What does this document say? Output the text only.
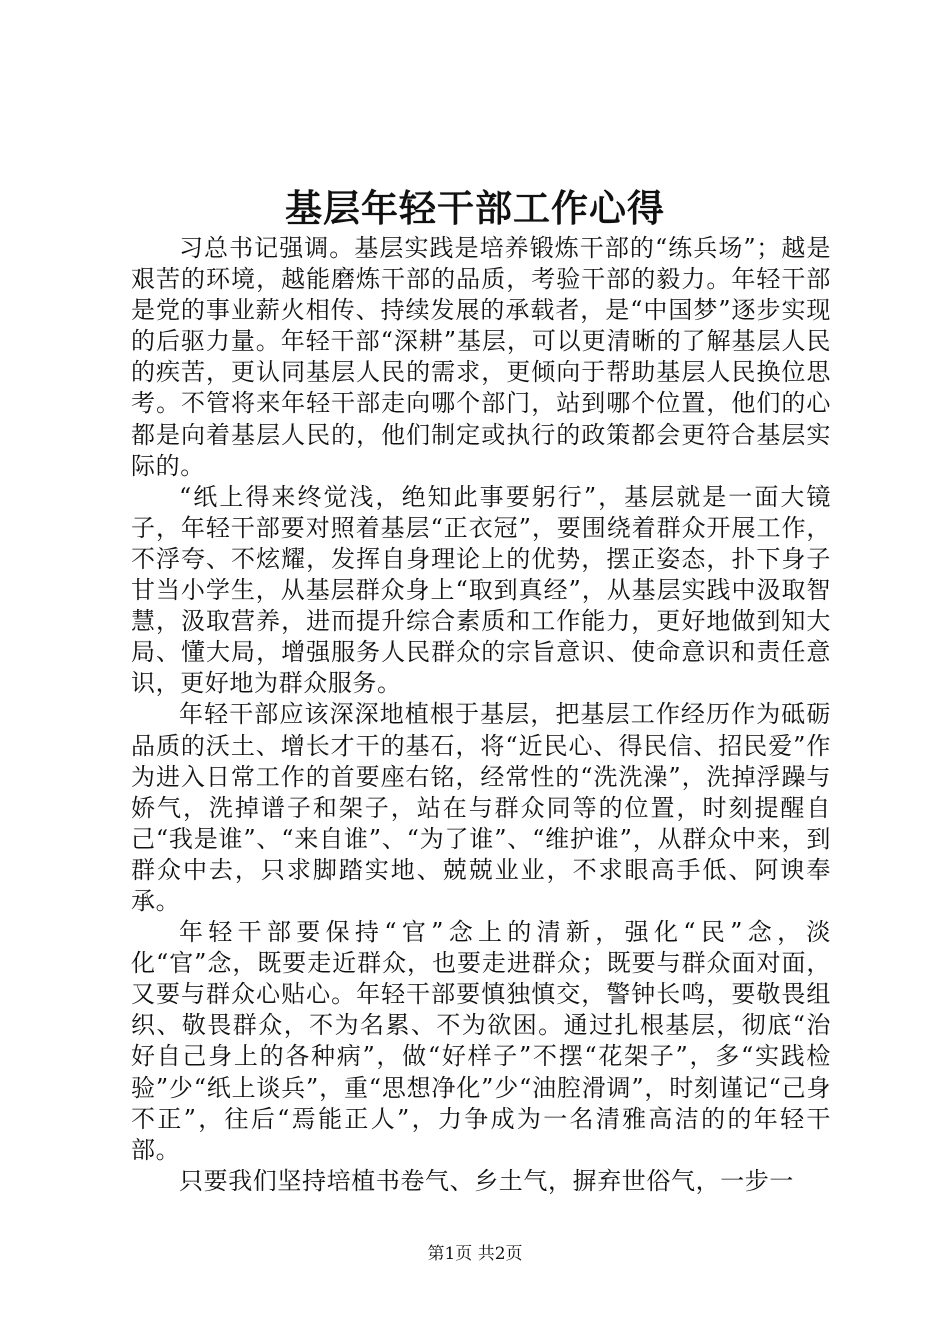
基层年轻干部工作心得

习总书记强调。基层实践是培养锻炼干部的“练兵场”；越是艰苦的环境，越能磨炼干部的品质，考验干部的毅力。年轻干部是党的事业薪火相传、持续发展的承载者，是“中国梦”逐步实现的后驱力量。年轻干部“深耕”基层，可以更清晰的了解基层人民的疾苦，更认同基层人民的需求，更倾向于帮助基层人民换位思考。不管将来年轻干部走向哪个部门，站到哪个位置，他们的心都是向着基层人民的，他们制定或执行的政策都会更符合基层实际的。

“纸上得来终觉浅，绝知此事要躬行”，基层就是一面大镜子，年轻干部要对照着基层“正衣冠”，要围绕着群众开展工作，不浮夸、不炫耀，发挥自身理论上的优势，摆正姿态，扑下身子甘当小学生，从基层群众身上“取到真经”，从基层实践中汲取智慧，汲取营养，进而提升综合素质和工作能力，更好地做到知大局、懂大局，增强服务人民群众的宗旨意识、使命意识和责任意识，更好地为群众服务。

年轻干部应该深深地植根于基层，把基层工作经历作为砥砺品质的沃土、增长才干的基石，将“近民心、得民信、招民爱”作为进入日常工作的首要座右铭，经常性的“洗洗澡”，洗掉浮躁与娇气，洗掉谱子和架子，站在与群众同等的位置，时刻提醒自己“我是谁”、“来自谁”、“为了谁”、“维护谁”，从群众中来，到群众中去，只求脚踏实地、兢兢业业，不求眼高手低、阿谀奉承。

年轻干部要保持“官”念上的清新，强化“民”念，淡化“官”念，既要走近群众，也要走进群众；既要与群众面对面，又要与群众心贴心。年轻干部要慎独慎交，警钟长鸣，要敬畏组织、敬畏群众，不为名累、不为欲困。通过扎根基层，彻底“治好自己身上的各种病”，做“好样子”不摆“花架子”，多“实践检验”少“纸上谈兵”，重“思想净化”少“油腔滑调”，时刻谨记“己身不正”，往后“焉能正人”，力争成为一名清雅高洁的的年轻干部。

只要我们坚持培植书卷气、乡土气，摒弃世俗气，一步一

第1页 共2页
